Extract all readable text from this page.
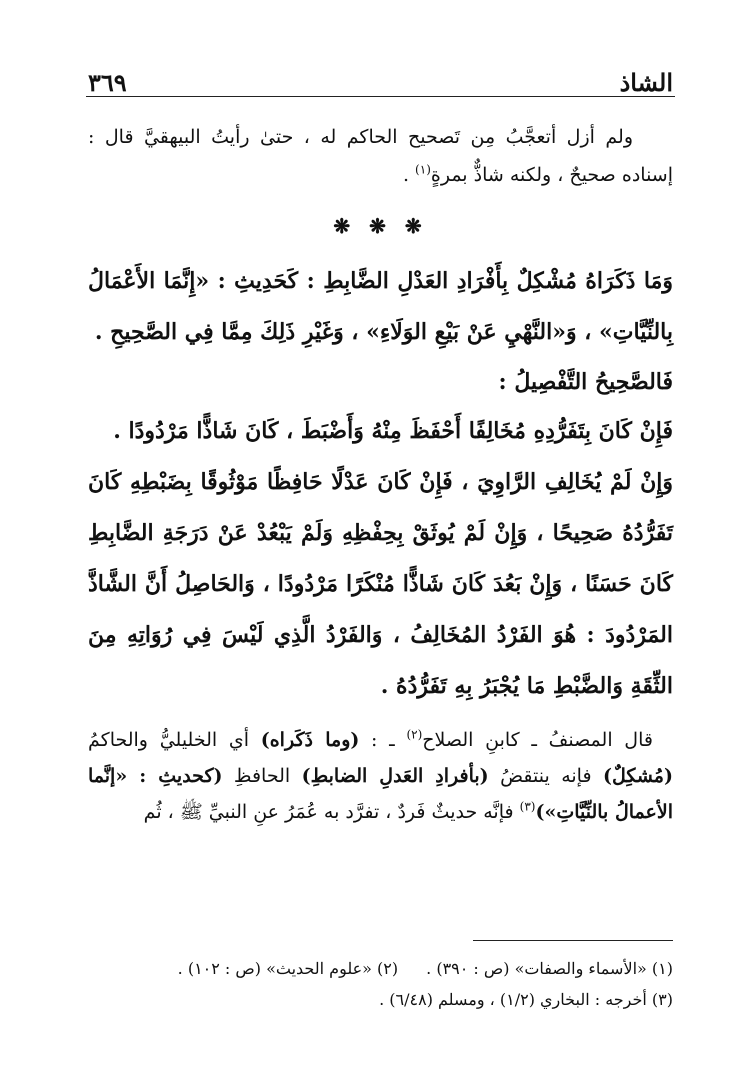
الشاذ
٣٦٩

ولم أزل أتعجَّبُ مِن تَصحيح الحاكم له ، حتىٰ رأيتُ البيهقيَّ قال : إسناده صحيحٌ ، ولكنه شاذٌّ بمرةٍ$^{(١)}$ .

❋ ❋ ❋

وَمَا ذَكَرَاهُ مُشْكِلٌ بِأَفْرَادِ العَدْلِ الضَّابِطِ : كَحَدِيثِ : «إِنَّمَا الأَعْمَالُ بِالنِّيَّاتِ» ، وَ«النَّهْيِ عَنْ بَيْعِ الوَلَاءِ» ، وَغَيْرِ ذَلِكَ مِمَّا فِي الصَّحِيحِ .

فَالصَّحِيحُ التَّفْصِيلُ :

فَإِنْ كَانَ بِتَفَرُّدِهِ مُخَالِفًا أَحْفَظَ مِنْهُ وَأَضْبَطَ ، كَانَ شَاذًّا مَرْدُودًا .

وَإِنْ لَمْ يُخَالِفِ الرَّاوِيَ ، فَإِنْ كَانَ عَدْلًا حَافِظًا مَوْثُوقًا بِضَبْطِهِ كَانَ تَفَرُّدُهُ صَحِيحًا ، وَإِنْ لَمْ يُوثَقْ بِحِفْظِهِ وَلَمْ يَبْعُدْ عَنْ دَرَجَةِ الضَّابِطِ كَانَ حَسَنًا ، وَإِنْ بَعُدَ كَانَ شَاذًّا مُنْكَرًا مَرْدُودًا ، وَالحَاصِلُ أَنَّ الشَّاذَّ المَرْدُودَ : هُوَ الفَرْدُ المُخَالِفُ ، وَالفَرْدُ الَّذِي لَيْسَ فِي رُوَاتِهِ مِنَ الثِّقَةِ وَالضَّبْطِ مَا يُجْبَرُ بِهِ تَفَرُّدُهُ .

قال المصنفُ ـ كابنِ الصلاح$^{(٢)}$ ـ : (وما ذَكَراه) أي الخليليُّ والحاكمُ (مُشكِلٌ) فإنه ينتقضُ (بأفرادِ العَدلِ الضابطِ) الحافظِ (كحديثِ : «إنَّما الأعمالُ بالنِّيَّاتِ»)$^{(٣)}$ فإنَّه حديثٌ فَردٌ ، تفرَّد به عُمَرُ عنِ النبيِّ ﷺ ، ثُم

(١) «الأسماء والصفات» (ص : ٣٩٠) .(٢) «علوم الحديث» (ص : ١٠٢) .
(٣) أخرجه : البخاري (١/٢) ، ومسلم (٦/٤٨) .
